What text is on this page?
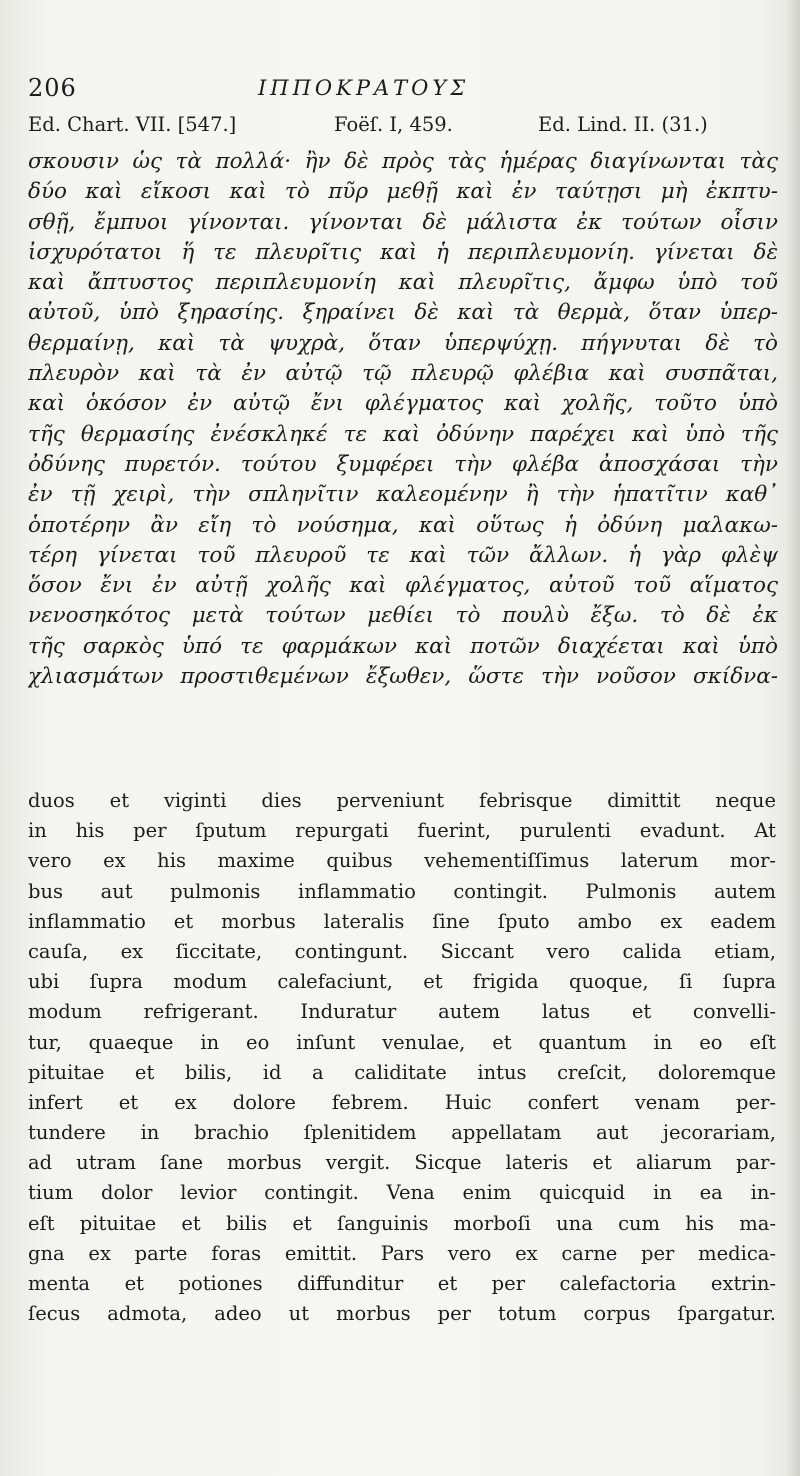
206	ΙΠΠΟΚΡΑΤΟΥΣ
Ed. Chart. VII. [547.]	Foëſ. I, 459.	Ed. Lind. II. (31.)
σκουσιν ὡς τὰ πολλά· ἢν δὲ πρὸς τὰς ἡμέρας διαγίνωνται τὰς
δύο καὶ εἴκοσι καὶ τὸ πῦρ μεθῇ καὶ ἐν ταύτῃσι μὴ ἐκπτυ-
σθῇ, ἔμπυοι γίνονται. γίνονται δὲ μάλιστα ἐκ τούτων οἷσιν
ἰσχυρότατοι ἥ τε πλευρῖτις καὶ ἡ περιπλευμονίη. γίνεται δὲ
καὶ ἄπτυστος περιπλευμονίη καὶ πλευρῖτις, ἄμφω ὑπὸ τοῦ
αὐτοῦ, ὑπὸ ξηρασίης. ξηραίνει δὲ καὶ τὰ θερμὰ, ὅταν ὑπερ-
θερμαίνῃ, καὶ τὰ ψυχρὰ, ὅταν ὑπερψύχῃ. πήγνυται δὲ τὸ
πλευρὸν καὶ τὰ ἐν αὐτῷ τῷ πλευρῷ φλέβια καὶ συσπᾶται,
καὶ ὁκόσον ἐν αὐτῷ ἔνι φλέγματος καὶ χολῆς, τοῦτο ὑπὸ
τῆς θερμασίης ἐνέσκληκέ τε καὶ ὀδύνην παρέχει καὶ ὑπὸ τῆς
ὀδύνης πυρετόν. τούτου ξυμφέρει τὴν φλέβα ἀποσχάσαι τὴν
ἐν τῇ χειρὶ, τὴν σπληνῖτιν καλεομένην ἢ τὴν ἡπατῖτιν καθ᾽
ὁποτέρην ἂν εἴη τὸ νούσημα, καὶ οὕτως ἡ ὀδύνη μαλακω-
τέρη γίνεται τοῦ πλευροῦ τε καὶ τῶν ἄλλων. ἡ γὰρ φλὲψ
ὅσον ἔνι ἐν αὐτῇ χολῆς καὶ φλέγματος, αὐτοῦ τοῦ αἵματος
νενοσηκότος μετὰ τούτων μεθίει τὸ πουλὺ ἔξω. τὸ δὲ ἐκ
τῆς σαρκὸς ὑπό τε φαρμάκων καὶ ποτῶν διαχέεται καὶ ὑπὸ
χλιασμάτων προστιθεμένων ἔξωθεν, ὥστε τὴν νοῦσον σκίδνα-
duos et viginti dies perveniunt febrisque dimittit neque
in his per ſputum repurgati fuerint, purulenti evadunt. At
vero ex his maxime quibus vehementiſſimus laterum mor-
bus aut pulmonis inflammatio contingit. Pulmonis autem
inflammatio et morbus lateralis ſine ſputo ambo ex eadem
cauſa, ex ſiccitate, contingunt. Siccant vero calida etiam,
ubi ſupra modum calefaciunt, et frigida quoque, ſi ſupra
modum refrigerant. Induratur autem latus et convelli-
tur, quaeque in eo inſunt venulae, et quantum in eo eſt
pituitae et bilis, id a caliditate intus creſcit, doloremque
infert et ex dolore febrem. Huic confert venam per-
tundere in brachio ſplenitidem appellatam aut jecorariam,
ad utram ſane morbus vergit. Sicque lateris et aliarum par-
tium dolor levior contingit. Vena enim quicquid in ea in-
eſt pituitae et bilis et ſanguinis morboſi una cum his ma-
gna ex parte foras emittit. Pars vero ex carne per medica-
menta et potiones diffunditur et per calefactoria extrin-
ſecus admota, adeo ut morbus per totum corpus ſpargatur.
